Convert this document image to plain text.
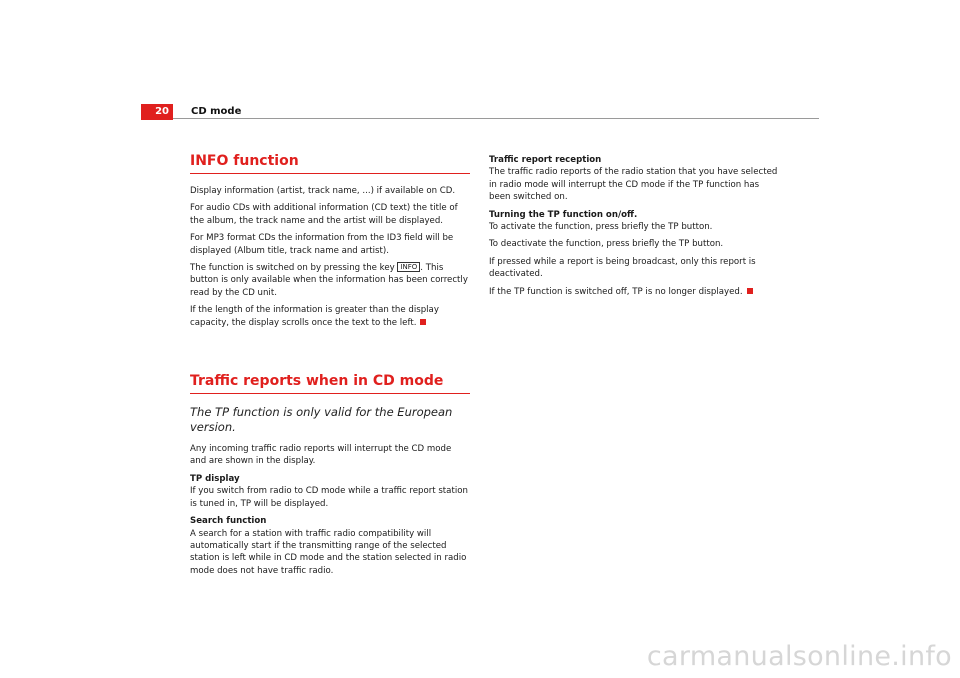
20	CD mode
INFO function

Display information (artist, track name, ...) if available on CD.

For audio CDs with additional information (CD text) the title of the album, the track name and the artist will be displayed.

For MP3 format CDs the information from the ID3 field will be displayed (Album title, track name and artist).

The function is switched on by pressing the key INFO . This button is only available when the information has been correctly read by the CD unit.

If the length of the information is greater than the display capacity, the display scrolls once the text to the left.

Traffic reports when in CD mode
The TP function is only valid for the European version.

Any incoming traffic radio reports will interrupt the CD mode and are shown in the display.

TP display

If you switch from radio to CD mode while a traffic report station is tuned in, TP will be displayed.

Search function

A search for a station with traffic radio compatibility will automatically start if the transmitting range of the selected station is left while in CD mode and the station selected in radio mode does not have traffic radio.

Traffic report reception

The traffic radio reports of the radio station that you have selected in radio mode will interrupt the CD mode if the TP function has been switched on.

Turning the TP function on/off.

To activate the function, press briefly the TP button.

To deactivate the function, press briefly the TP button.

If pressed while a report is being broadcast, only this report is deactivated.

If the TP function is switched off, TP is no longer displayed.

carmanualsonline.info
